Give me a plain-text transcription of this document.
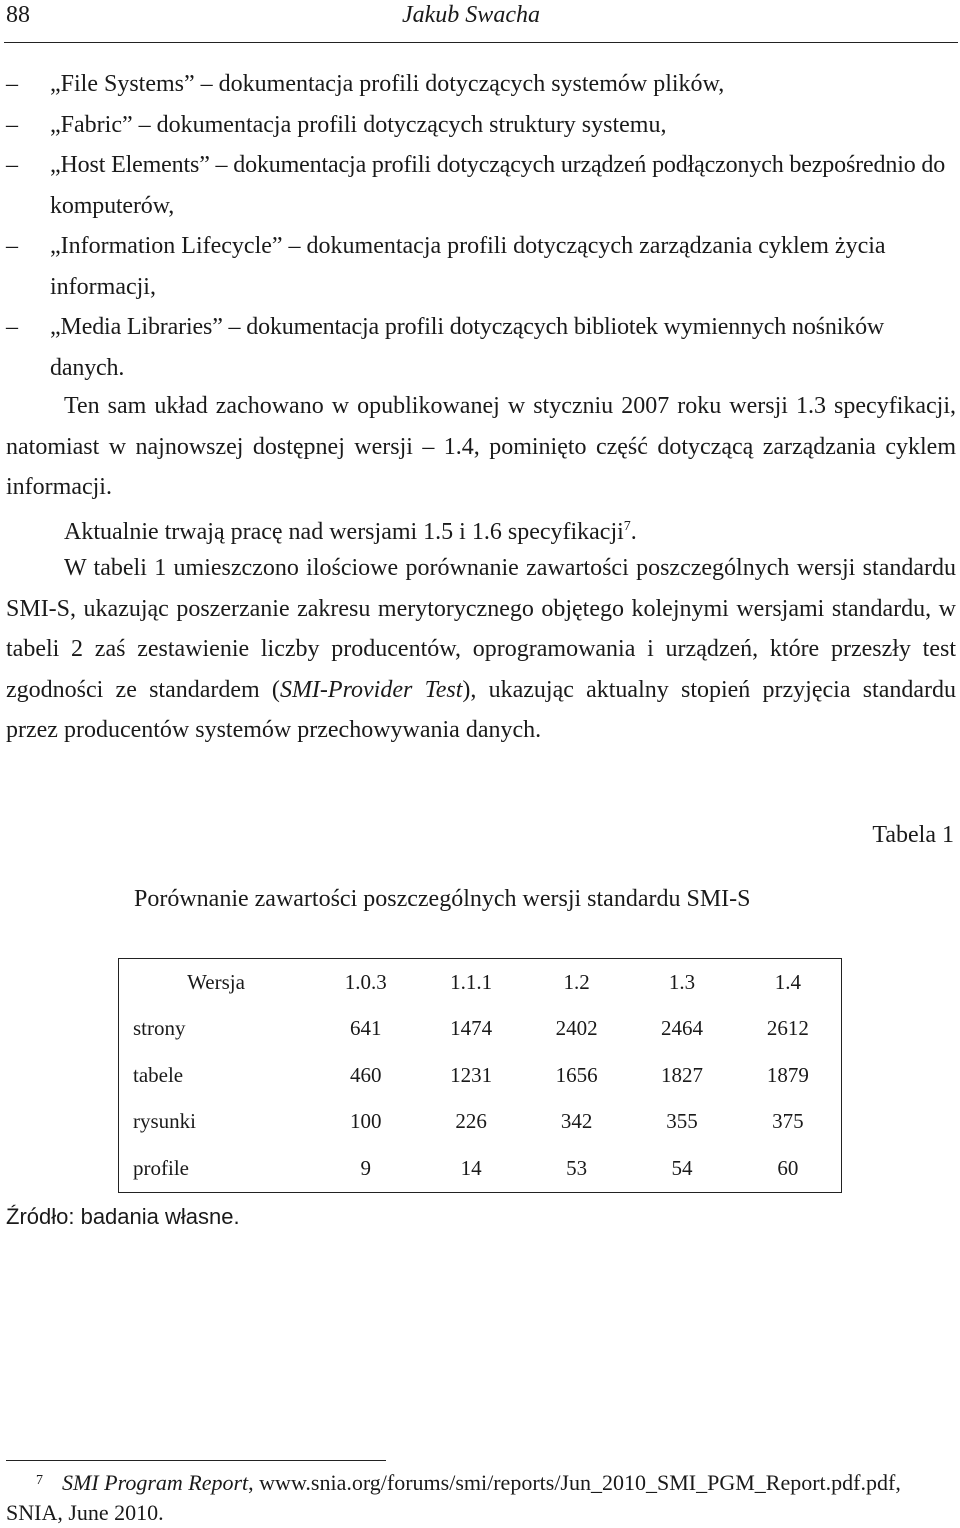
88	Jakub Swacha
– „File Systems” – dokumentacja profili dotyczących systemów plików,
– „Fabric” – dokumentacja profili dotyczących struktury systemu,
– „Host Elements” – dokumentacja profili dotyczących urządzeń podłączonych bezpośrednio do komputerów,
– „Information Lifecycle” – dokumentacja profili dotyczących zarządzania cyklem życia informacji,
– „Media Libraries” – dokumentacja profili dotyczących bibliotek wymiennych nośników danych.

Ten sam układ zachowano w opublikowanej w styczniu 2007 roku wersji 1.3 specyfikacji, natomiast w najnowszej dostępnej wersji – 1.4, pominięto część dotyczącą zarządzania cyklem informacji.

Aktualnie trwają pracę nad wersjami 1.5 i 1.6 specyfikacji$^7$.

W tabeli 1 umieszczono ilościowe porównanie zawartości poszczególnych wersji standardu SMI-S, ukazując poszerzanie zakresu merytorycznego objętego kolejnymi wersjami standardu, w tabeli 2 zaś zestawienie liczby producentów, oprogramowania i urządzeń, które przeszły test zgodności ze standardem (SMI-Provider Test), ukazując aktualny stopień przyjęcia standardu przez producentów systemów przechowywania danych.

Tabela 1
Porównanie zawartości poszczególnych wersji standardu SMI-S
Wersja	1.0.3	1.1.1	1.2	1.3	1.4
strony	641	1474	2402	2464	2612
tabele	460	1231	1656	1827	1879
rysunki	100	226	342	355	375
profile	9	14	53	54	60
Źródło: badania własne.
7 SMI Program Report, www.snia.org/forums/smi/reports/Jun_2010_SMI_PGM_Report.pdf.pdf, SNIA, June 2010.
